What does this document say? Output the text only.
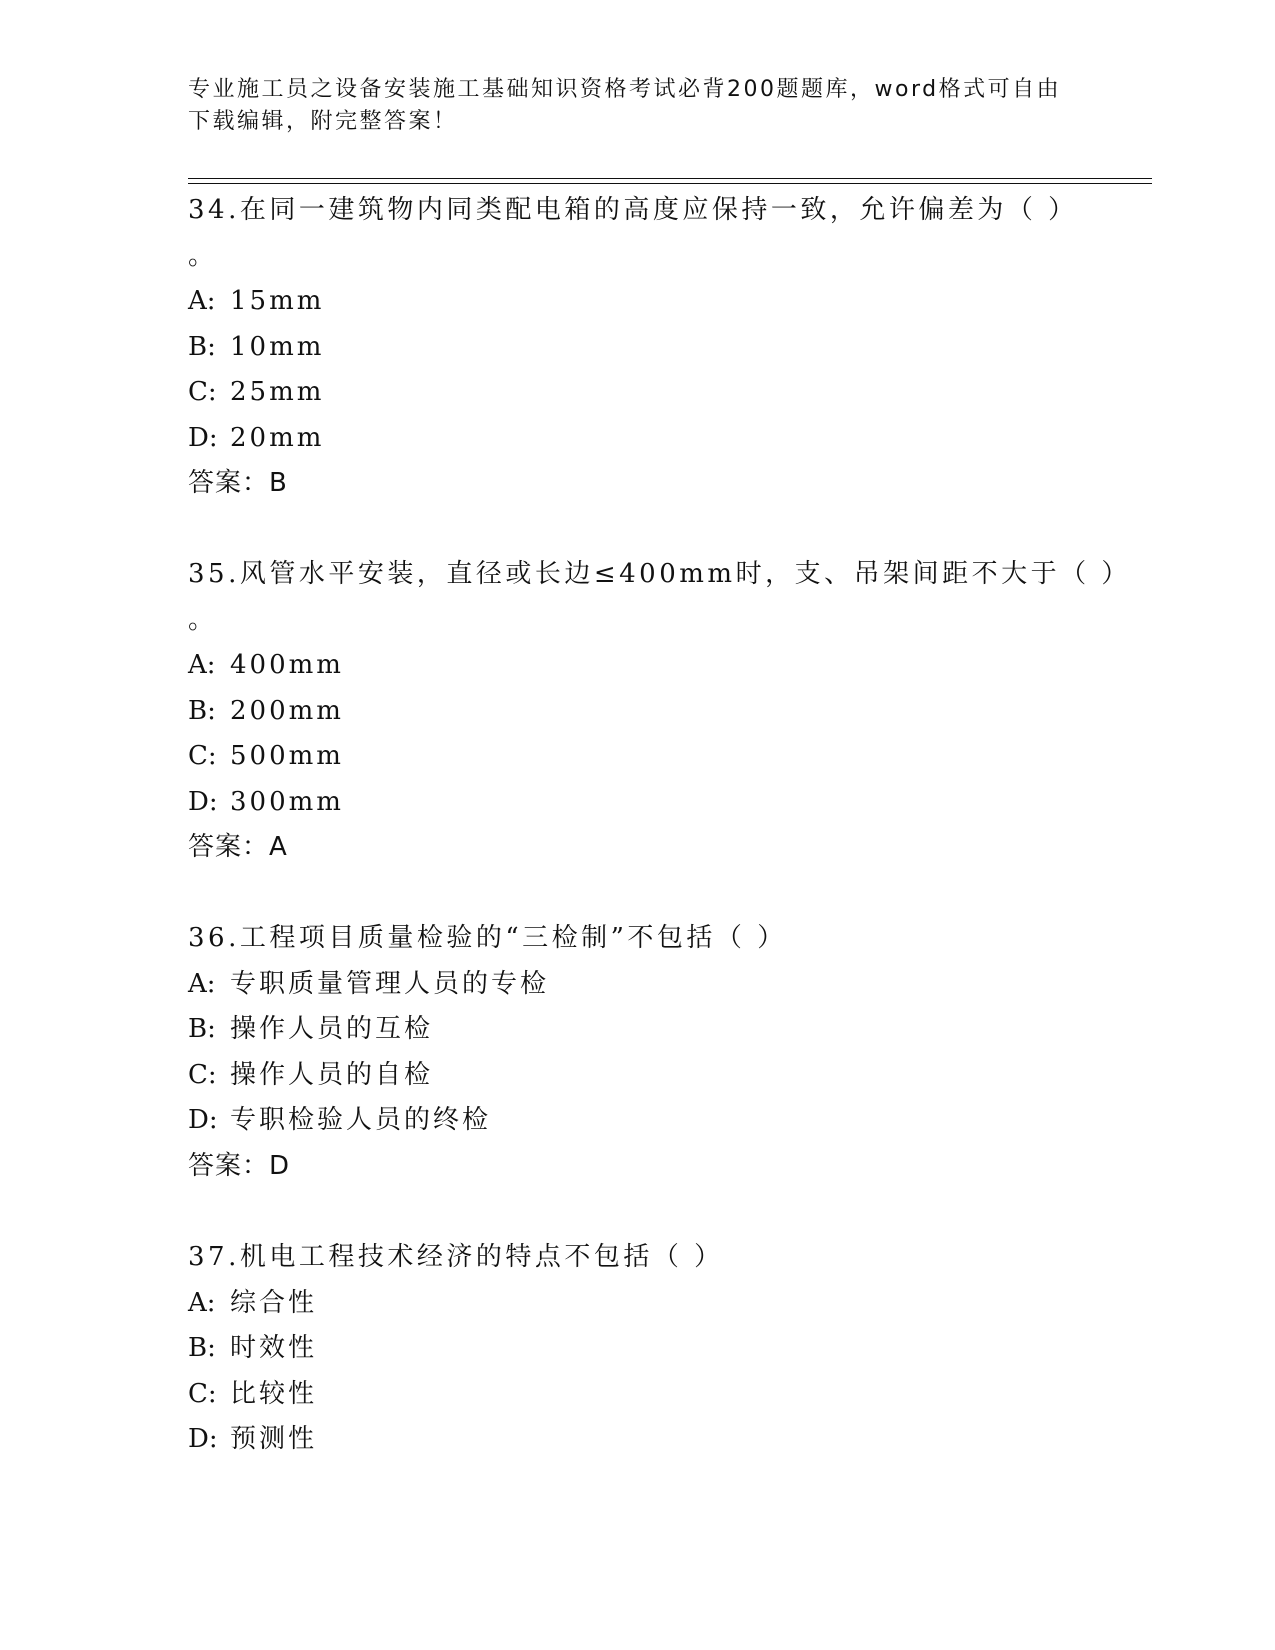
专业施工员之设备安装施工基础知识资格考试必背200题题库，word格式可自由下载编辑，附完整答案！
34.在同一建筑物内同类配电箱的高度应保持一致，允许偏差为（ ）
。
A: 15mm
B: 10mm
C: 25mm
D: 20mm
答案：B
35.风管水平安装，直径或长边≤400mm时，支、吊架间距不大于（ ）
。
A: 400mm
B: 200mm
C: 500mm
D: 300mm
答案：A
36.工程项目质量检验的“三检制”不包括（ ）
A: 专职质量管理人员的专检
B: 操作人员的互检
C: 操作人员的自检
D: 专职检验人员的终检
答案：D
37.机电工程技术经济的特点不包括（ ）
A: 综合性
B: 时效性
C: 比较性
D: 预测性
